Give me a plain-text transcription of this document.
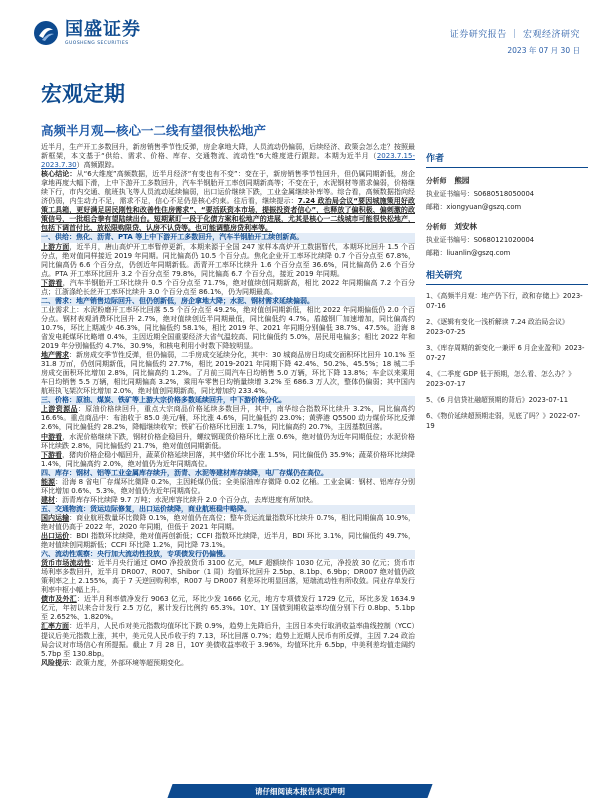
国盛证券
GUOSHENG SECURITIES
证券研究报告 ｜ 宏观经济研究
2023 年 07 月 30 日
宏观定期
高频半月观—核心一二线有望很快松地产

近半月，生产开工多数回升，新房销售季节性反弹，房企拿地大降，人员流动仍偏弱，后续经济、政策会怎么走？按照最新框架，本文基于“供给、需求、价格、库存、交通物流、流动性”6大维度进行跟踪。本期为近半月（2023.7.15-2023.7.30）高频跟踪。

核心结论：从“6大维度”高频数据，近半月经济“有变也有不变”：变在于，新房销售季节性回升，但仍属同期新低，房企拿地再度大幅下滑，上中下游开工多数回升，汽车半钢胎开工率创同期新高等；不变在于，水泥钢材等需求偏弱，价格继续下行，市内交通、航班执飞等人员流动延续偏弱，出口运价继续下跌，工业金属继续补库等。综合看，高频数据指向经济仍弱，内生动力不足，需求不足，信心不足仍是核心约束。往后看，继续提示：7.24 政治局会议“要因城施策用好政策工具箱，更好满足居民刚性和改善性住房需求”、“要活跃资本市场，提振投资者信心”，也释放了偏积极、偏刺激的政策信号，一批组合拳有望陆续出台。短期紧盯一段于化债方案和松地产的进展，尤其是核心一二线城市可能很快松地产，包括下调首付比、放松限购限贷、认房不认贷等。也可能调整房贷利率等。

一、供给：焦化、沥青、PTA 等上中下游开工多数回升，汽车半钢胎开工续创新高。

上游方面，近半月，唐山高炉开工率暂停更新，本期来源于全国 247 家样本高炉开工数据暂代，本期环比回升 1.5 个百分点，绝对值同样接近 2019 年同期。同比偏高仍 10.5 个百分点。焦化企业开工率环比续降 0.7 个百分点至 67.8%，同比偏高仍 6.6 个百分点，仍创近年同期新低。沥青开工率环比续升 1.6 个百分点至 36.6%，同比偏高仍 2.6 个百分点。PTA 开工率环比回升 3.2 个百分点至 79.8%，同比偏高 6.7 个百分点，接近 2019 年同期。

下游看，汽车半钢胎开工环比续升 0.5 个百分点至 71.7%，绝对值续创同期新高，相比 2022 年同期偏高 7.2 个百分点；江浙涤纶长丝开工率环比续升 3.0 个百分点至 86.1%，仍为同期最高。

二、需求：地产销售边际回升、但仍创新低，房企拿地大降；水泥、钢材需求延续偏弱。

工业需求上：水泥粉磨开工率环比回落 5.5 个百分点至 49.2%，绝对值创同期新低，相比 2022 年同期偏低仍 2.0 个百分点。钢材表观消费环比回升 2.7%，绝对值续创近半同期最低，同比偏低约 4.7%。盾越钢厂加速增加，同比偏高约 10.7%，环比上期减少 46.3%，同比偏低约 58.1%，相比 2019 年、2021 年同期分别偏低 38.7%、47.5%。沿海 8 省发电耗煤环比略增 0.4%，主因近期全国重要经济大省气温较高、同比偏低约 5.0%，居民用电偏多；相比 2022 年和 2019 年分别偏低约 4.7%、30.9%，和核电利用小时数下降较明显。

地产需求：新房成交季节性反弹，但仍偏弱，二手房成交延续分化，其中：30 城商品房日均成交面积环比回升 10.1% 至 31.8 万㎡，仍创同期新低，同比偏低约 27.7%，相比 2019-2021 年同期下降 42.4%、50.2%、45.5%；18 城二手房成交面积环比增加 2.8%，同比偏高约 1.2%。了月前三周汽车日均销售 5.0 万辆，环比下降 13.8%；车企以来乘用车日均销售 5.5 万辆，相比同期偏高 3.2%，乘用车零售日均销量续增 3.2% 至 686.3 万人次，整体仍偏弱；其中国内航班执飞架次环比增加 2.0%，绝对值创同期新高，同比增加约 233.4%。

三、价格：原油、煤炭、铁矿等上游大宗价格多数延续回升，中下游价格分化。

上游资源品：原油价格续回升，重点大宗商品价格延续多数回升，其中，南华综合指数环比续升 3.2%，同比偏高约 16.6%。重点商品中：布油收于 85.0 美元/桶，环比涨 4.6%，同比偏低约 23.0%；黄骅港 Q5500 动力煤价环比反弹 2.6%，同比偏低约 28.2%，降幅继续收窄；铁矿石价格环比回涨 1.7%，同比偏高约 20.7%，主因基数回落。

中游看，水泥价格继续下跌，钢材价格企稳回升，螺纹钢现货价格环比上涨 0.6%，绝对值仍为近年同期低位；水泥价格环比续跌 2.8%，同比偏低约 21.7%，绝对值创同期新低。

下游看，猪肉价格企稳小幅回升，蔬菜价格延续回落，其中猪价环比小涨 1.5%，同比偏低仍 35.9%；蔬菜价格环比续降 1.4%，同比偏高约 2.0%，绝对值仍为近年同期高位。

四、库存：钢材、铝等工业金属库存续升，沥青、水泥等建材库存续降，电厂存煤仍在高位。

能源：沿海 8 省电厂存煤环比微降 0.2%，主因耗煤仍低；全美原油库存微降 0.02 亿桶。工业金属：钢材、铝库存分别环比增加 0.6%、5.3%，绝对值仍为近年同期高位。

建材：沥青库存环比续降 9.7 万吨；水泥库容比续升 2.0 个百分点，去库进度有所加快。

五、交通物流：货运边际修复，出口运价续降，商业航班稳中略降。

国内运输：商业航班数量环比微降 0.1%，绝对值仍在高位；整车货运流量指数环比续升 0.7%，相比同期偏高 10.9%，绝对值仍高于 2022 年，2020 年同期，但低于 2021 年同期。

出口运价：BDI 指数环比续降，绝对值再创新低；CCFI 指数环比续降，近半月，BDI 环比 3.1%，同比偏低约 49.7%，绝对值续创同期新低；CCFI 环比降 1.2%，同比降 73.1%。

六、流动性观察：央行加大流动性投放，专项债发行仍偏慢。

货币市场流动性：近半月央行通过 OMO 净投放货币 3100 亿元，MLF 超额续作 1030 亿元，净投放 30 亿元；货币市场利率多数回升，近半月 DR007、R007、Shibor（1 周）均值环比回升 2.5bp、8.1bp、6.9bp；DR007 绝对值仍政策利率之上 2.155%，高于 7 天逆回购利率，R007 与 DR007 利差环比明显回落，短端流动性有所收敛。同业存单发行利率中枢小幅上升。

债市及外汇：近半月利率债净发行 9063 亿元，环比少发 1666 亿元，地方专项债发行 1729 亿元，环比多发 1634.9 亿元，年初以来合计发行 2.5 万亿，累计发行比例约 65.3%。10Y、1Y 国债到期收益率均值分别下行 0.8bp、5.1bp 至 2.652%、1.820%。

汇率方面：近半月，人民币对美元指数均值环比下跌 0.9%，趋势上先降后升，主因日本央行取消收益率曲线控制（YCC）提议后美元指数上涨，其中，美元兑人民币收于约 7.13，环比回落 0.7%；趋势上近期人民币有所反弹，主因 7.24 政治局会议对市场信心有所提振。截止 7 月 28 日，10Y 美债收益率收于 3.96%，均值环比升 6.5bp，中美利差均值走阔约 5.7bp 至 130.8bp。

风险提示：政策力度，外部环境等超预期变化。

作者
分析师 熊园
执业证书编号：S0680518050004
邮箱：xiongyuan@gszq.com
分析师 刘安林
执业证书编号：S0680121020004
邮箱：liuanlin@gszq.com
相关研究
1、《高频半月观：地产仍下行，政和存储上》2023-07-16
2、《逐辑有变化一浅析解读 7.24 政治局会议》2023-07-25
3、《库存周期的新变化一兼评 6 月企业盈利》2023-07-27
4、《二季度 GDP 低于预期，怎么看、怎么办？》2023-07-17
5、《6 月信贷社融超预期的背后》2023-07-11
6、《物价延续超预期走弱，见底了吗？》2022-07-19
请仔细阅读本报告末页声明
